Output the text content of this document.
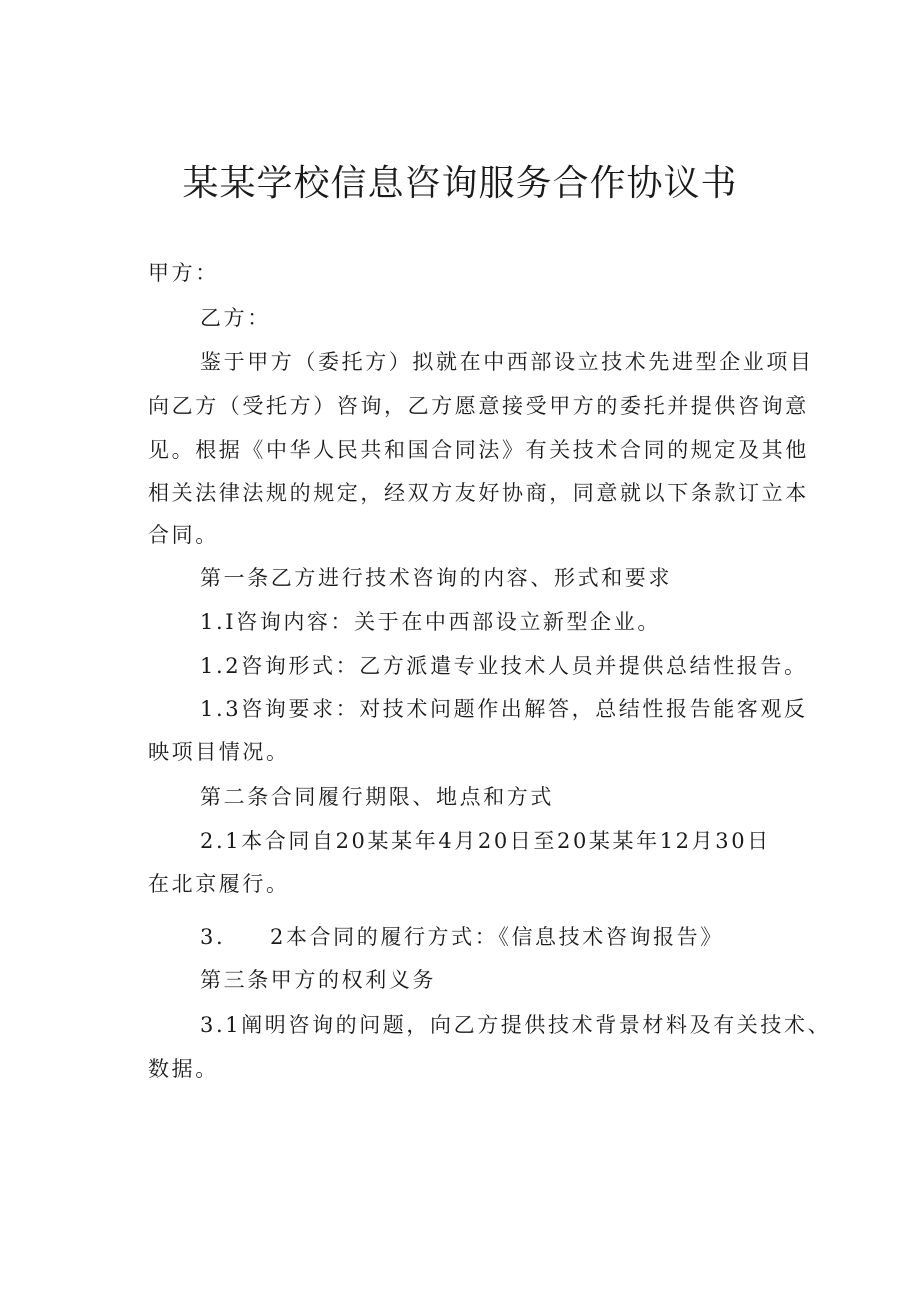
某某学校信息咨询服务合作协议书
甲方：
乙方：
鉴于甲方（委托方）拟就在中西部设立技术先进型企业项目
向乙方（受托方）咨询，乙方愿意接受甲方的委托并提供咨询意
见。根据《中华人民共和国合同法》有关技术合同的规定及其他
相关法律法规的规定，经双方友好协商，同意就以下条款订立本
合同。
第一条乙方进行技术咨询的内容、形式和要求
1.I咨询内容：关于在中西部设立新型企业。
1.2咨询形式：乙方派遣专业技术人员并提供总结性报告。
1.3咨询要求：对技术问题作出解答，总结性报告能客观反
映项目情况。
第二条合同履行期限、地点和方式
2.1本合同自20某某年4月20日至20某某年12月30日
在北京履行。
3. 2本合同的履行方式：《信息技术咨询报告》
第三条甲方的权利义务
3.1阐明咨询的问题，向乙方提供技术背景材料及有关技术、
数据。
